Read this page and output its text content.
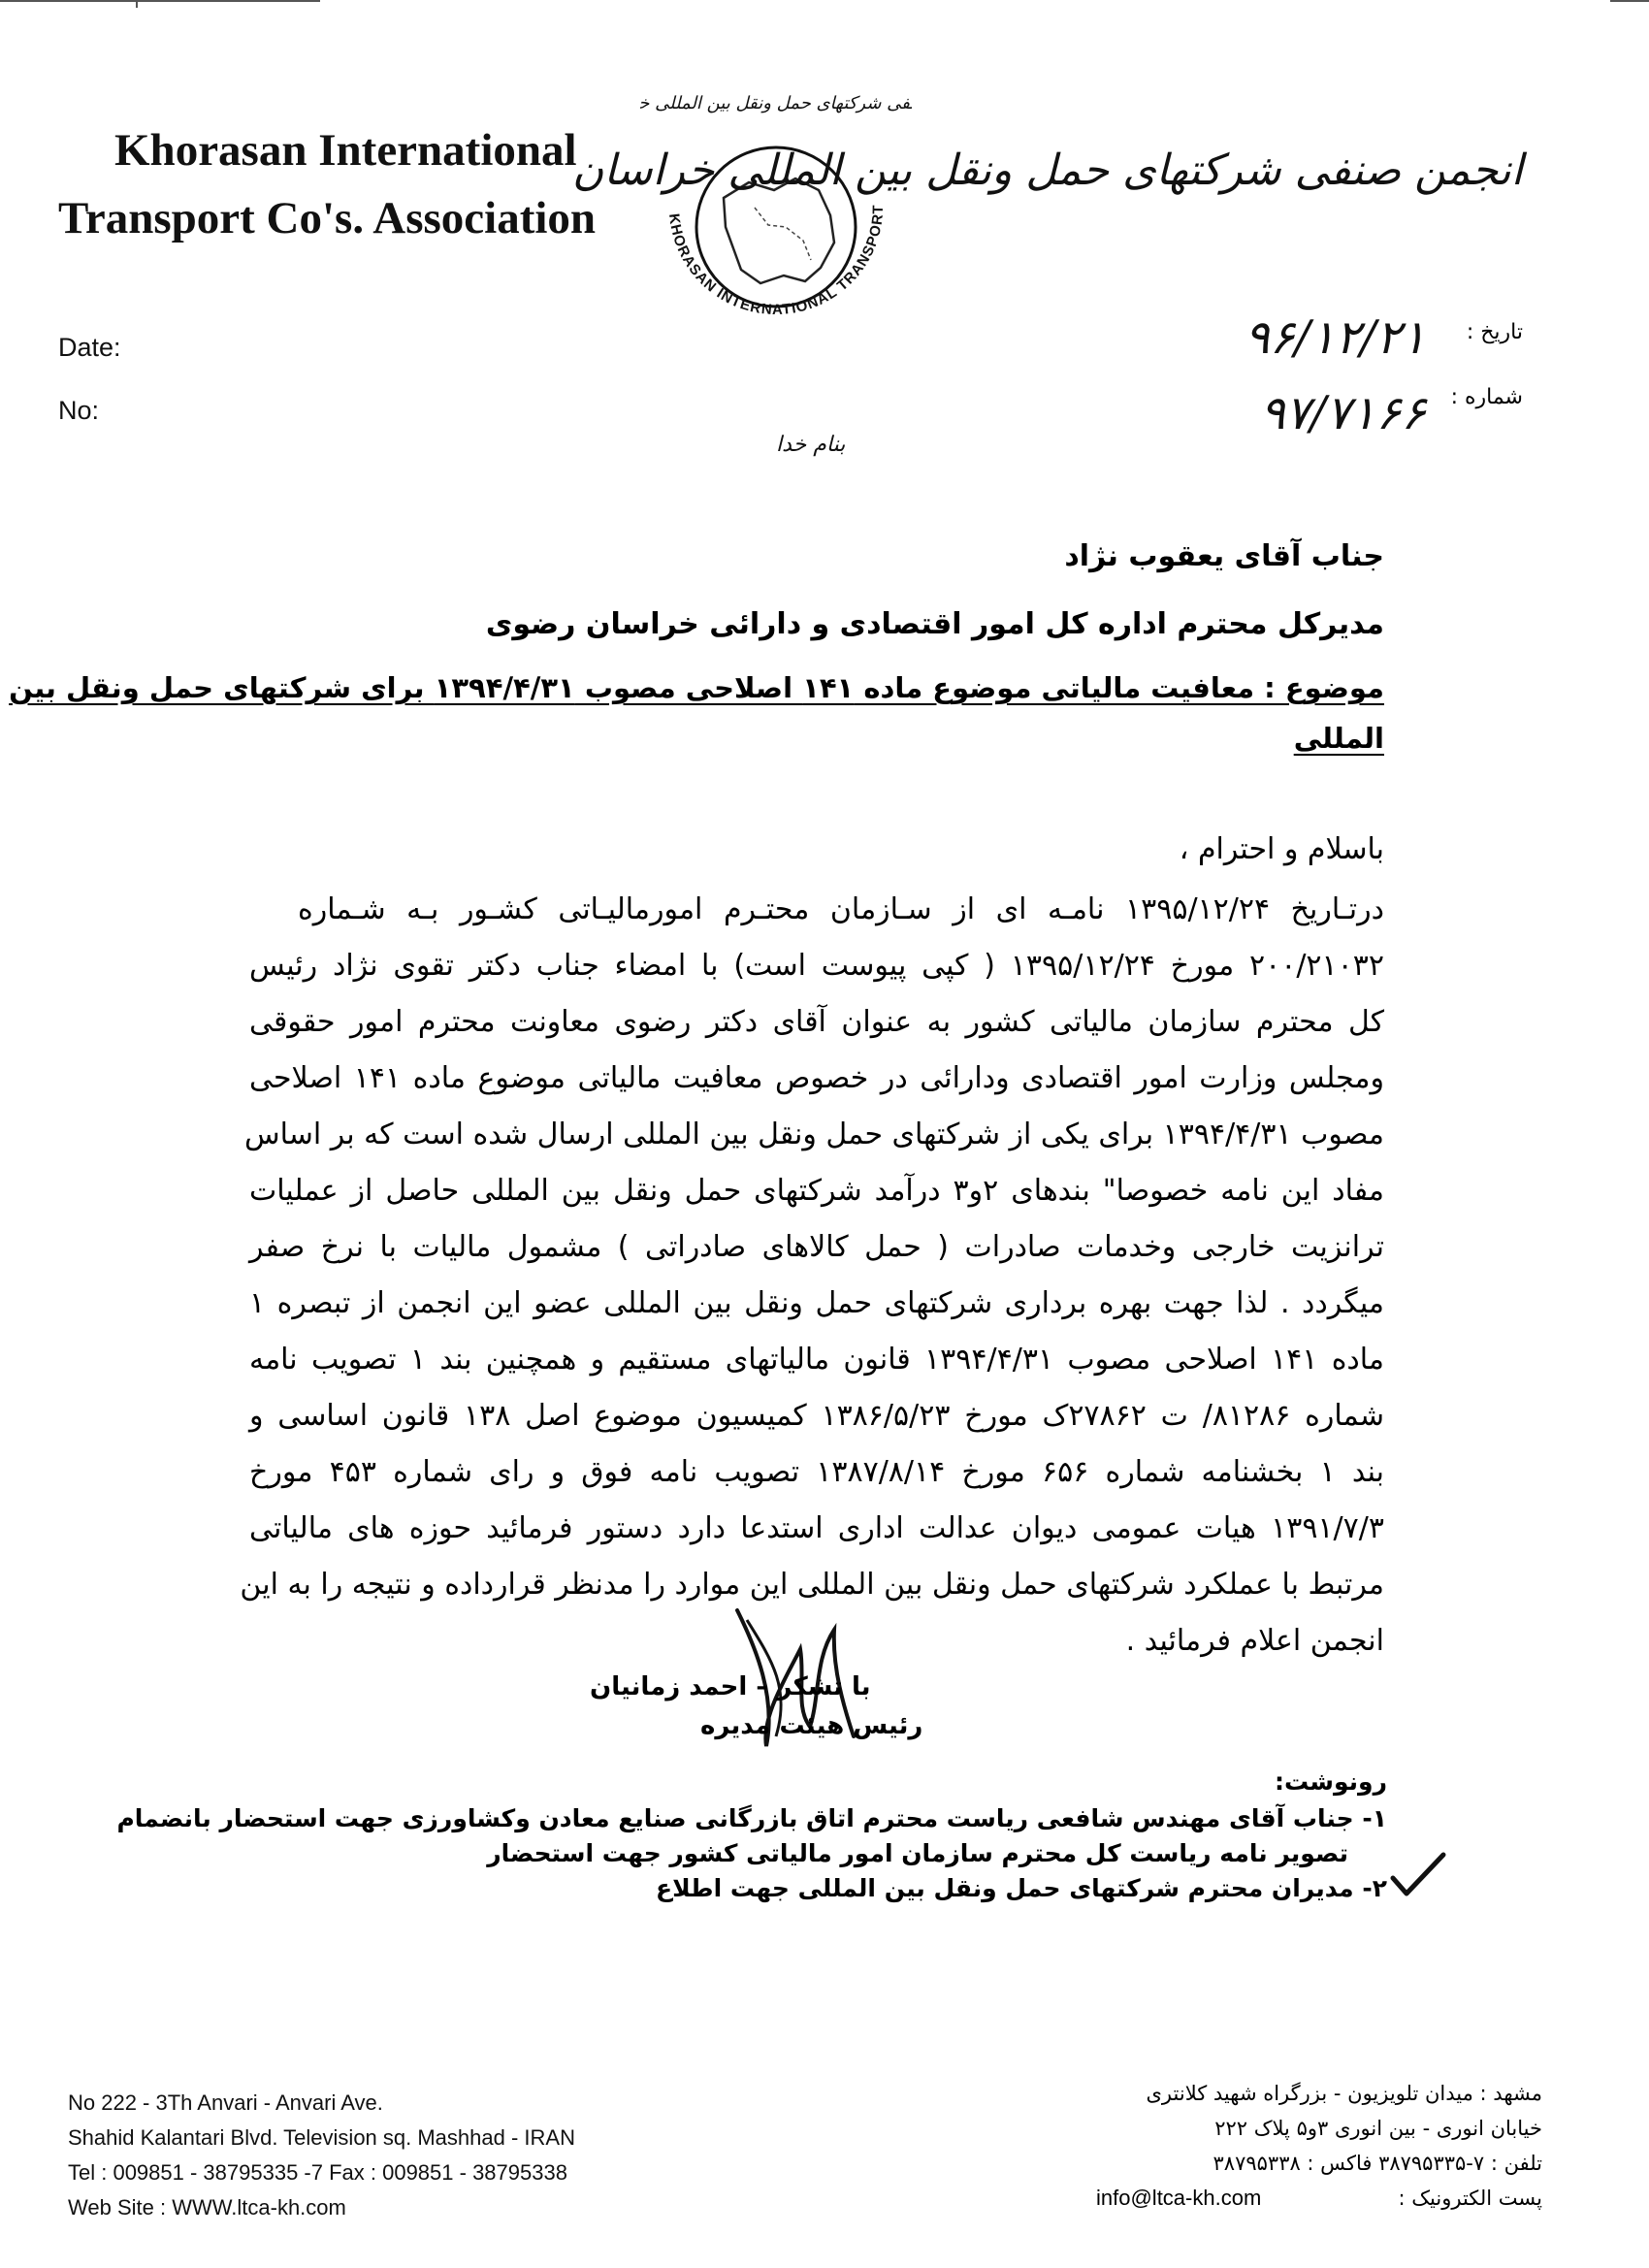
Khorasan International
Transport Co's. Association
فی شرکتهای حمل ونقل بین المللی
KHORASAN INTERNATIONAL TRANSPORT
انجمن صنفی شرکتهای حمل ونقل بین المللی خراسان
Date:
No:
تاریخ :
شماره :
۹۶/۱۲/۲۱
۹۷/۷۱۶۶
بنام خدا
جناب آقای یعقوب نژاد
مدیرکل محترم اداره کل امور اقتصادی و دارائی خراسان رضوی
موضوع : معافیت مالیاتی موضوع ماده ۱۴۱ اصلاحی مصوب ۱۳۹۴/۴/۳۱ برای شرکتهای حمل ونقل بین
المللی
باسلام و احترام ،
درتـاریخ ۱۳۹۵/۱۲/۲۴ نامـه ای از سـازمان محتـرم امورمالیـاتی کشـور بـه شـماره
۲۰۰/۲۱۰۳۲ مورخ ۱۳۹۵/۱۲/۲۴ ( کپی پیوست است) با امضاء جناب دکتر تقوی نژاد رئیس
کل محترم سازمان مالیاتی کشور به عنوان آقای دکتر رضوی معاونت محترم امور حقوقی
ومجلس وزارت امور اقتصادی ودارائی در خصوص معافیت مالیاتی موضوع ماده ۱۴۱ اصلاحی
مصوب ۱۳۹۴/۴/۳۱ برای یکی از شرکتهای حمل ونقل بین المللی ارسال شده است که بر اساس
مفاد این نامه خصوصا" بندهای ۲و۳ درآمد شرکتهای حمل ونقل بین المللی حاصل از عملیات
ترانزیت خارجی وخدمات صادرات ( حمل کالاهای صادراتی ) مشمول مالیات با نرخ صفر
میگردد . لذا جهت بهره برداری شرکتهای حمل ونقل بین المللی عضو این انجمن از تبصره ۱
ماده ۱۴۱ اصلاحی مصوب ۱۳۹۴/۴/۳۱ قانون مالیاتهای مستقیم و همچنین بند ۱ تصویب نامه
شماره ۸۱۲۸۶/ ت ۲۷۸۶۲ک مورخ ۱۳۸۶/۵/۲۳ کمیسیون موضوع اصل ۱۳۸ قانون اساسی و
بند ۱ بخشنامه شماره ۶۵۶ مورخ ۱۳۸۷/۸/۱۴ تصویب نامه فوق و رای شماره ۴۵۳ مورخ
۱۳۹۱/۷/۳ هیات عمومی دیوان عدالت اداری استدعا دارد دستور فرمائید حوزه های مالیاتی
مرتبط با عملکرد شرکتهای حمل ونقل بین المللی این موارد را مدنظر قرارداده و نتیجه را به این
انجمن اعلام فرمائید .
با تشکر – احمد زمانیان
رئیس هیئت مدیره
رونوشت:
۱- جناب آقای مهندس شافعی ریاست محترم اتاق بازرگانی صنایع معادن وکشاورزی جهت استحضار بانضمام
تصویر نامه ریاست کل محترم سازمان امور مالیاتی کشور جهت استحضار
۲- مدیران محترم شرکتهای حمل ونقل بین المللی جهت اطلاع
No 222 - 3Th Anvari - Anvari Ave.
Shahid Kalantari Blvd. Television sq. Mashhad - IRAN
Tel : 009851 - 38795335 -7 Fax : 009851 - 38795338
Web Site : WWW.ltca-kh.com
مشهد : میدان تلویزیون - بزرگراه شهید کلانتری
خیابان انوری - بین انوری ۳و۵ پلاک ۲۲۲
تلفن : ۷-۳۸۷۹۵۳۳۵ فاکس : ۳۸۷۹۵۳۳۸
پست الکترونیک :
info@ltca-kh.com
